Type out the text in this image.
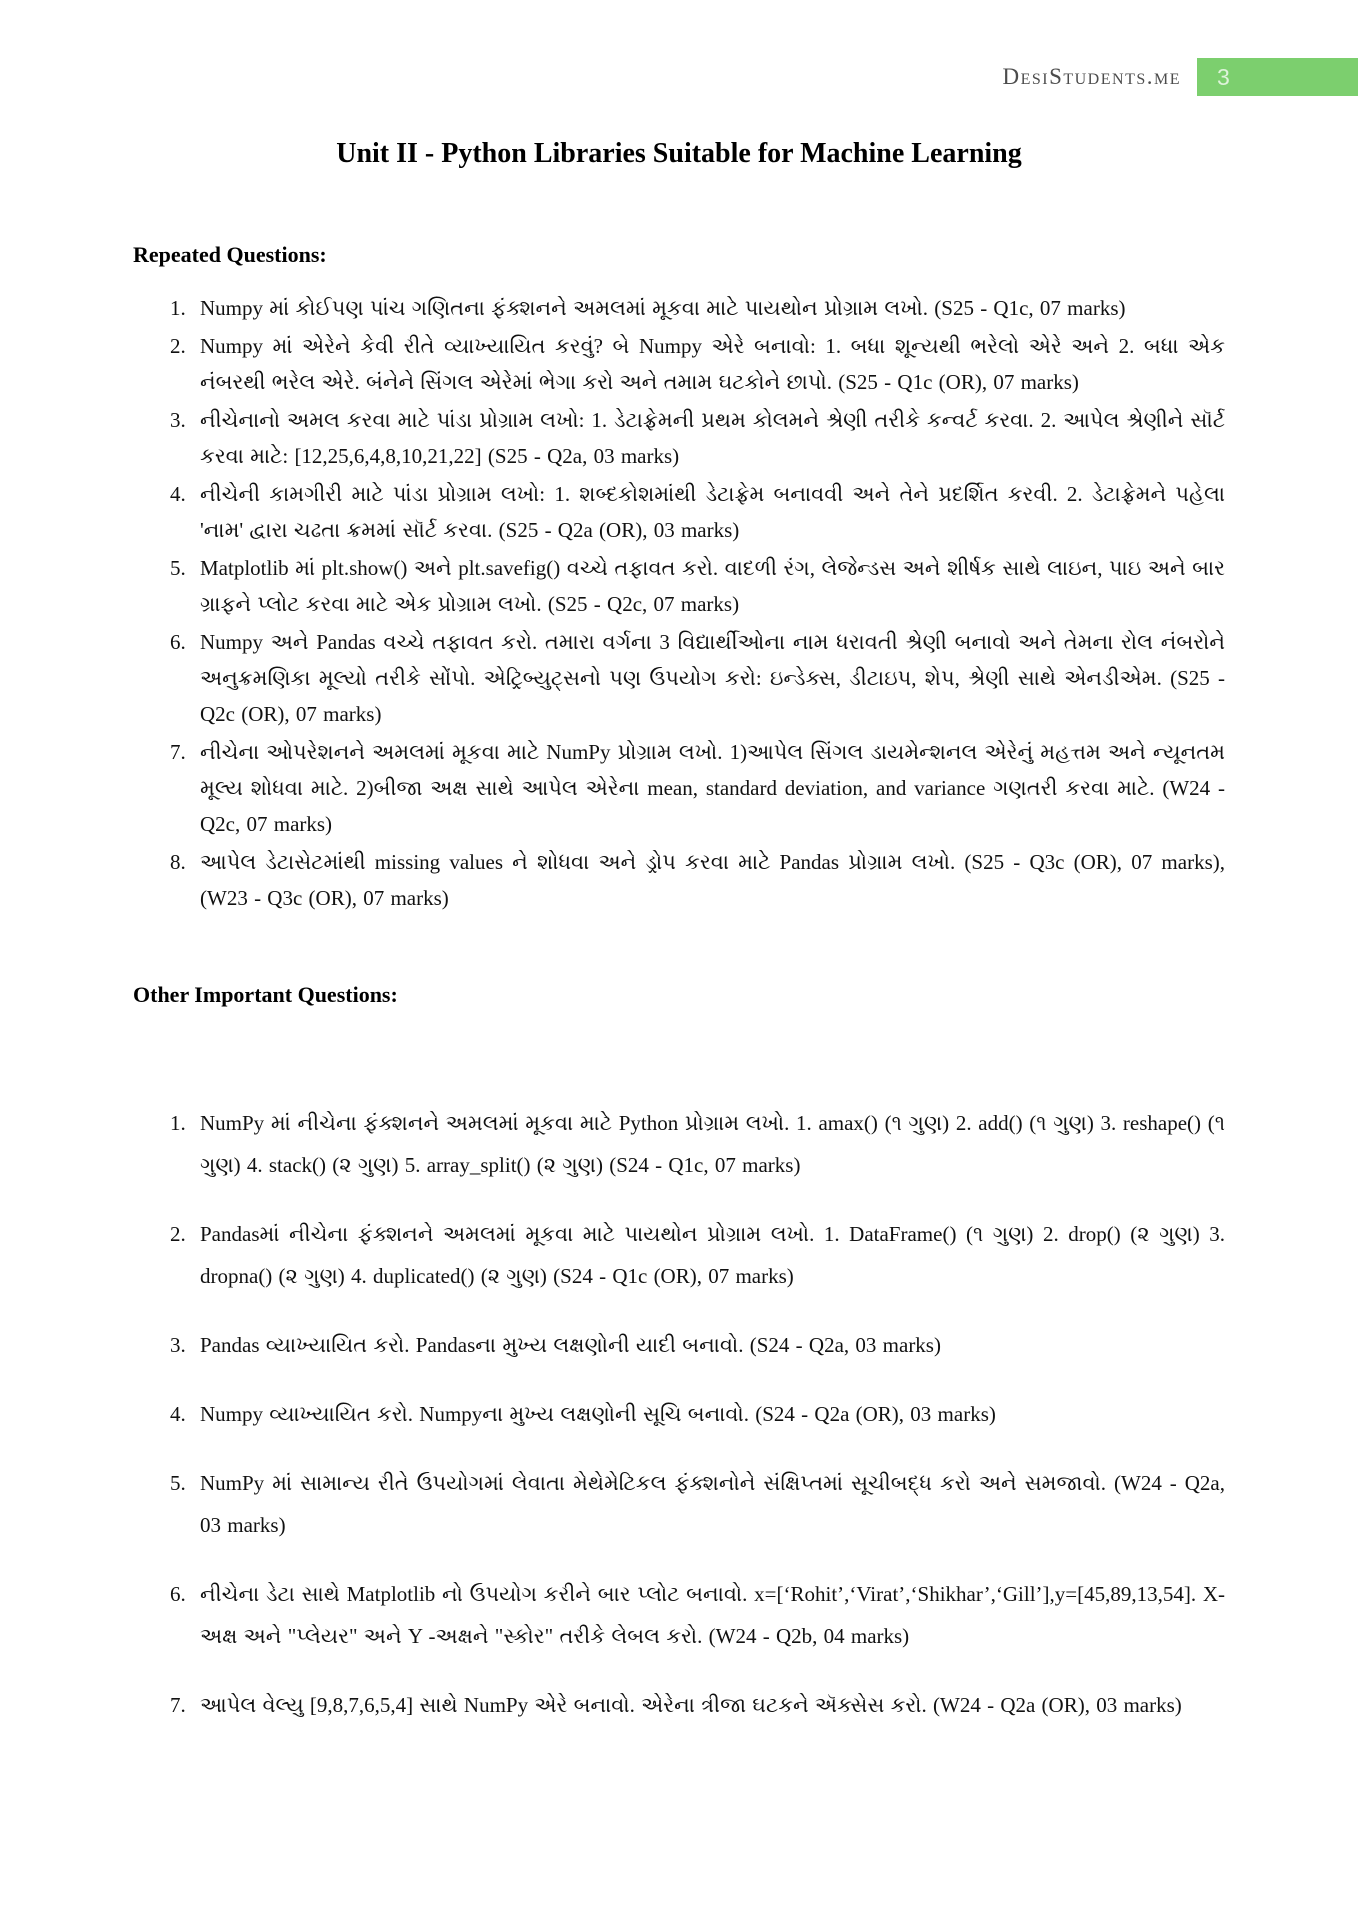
DesiStudents.me	3
Unit II - Python Libraries Suitable for Machine Learning
Repeated Questions:
1. Numpy માં કોઈપણ પાંચ ગણિતના ફંક્શનને અમલમાં મૂકવા માટે પાયથોન પ્રોગ્રામ લખો. (S25 - Q1c, 07 marks)
2. Numpy માં એરેને કેવી રીતે વ્યાખ્યાયિત કરવું? બે Numpy એરે બનાવો: 1. બધા શૂન્યથી ભરેલો એરે અને 2. બધા એક નંબરથી ભરેલ એરે. બંનેને સિંગલ એરેમાં ભેગા કરો અને તમામ ઘટકોને છાપો. (S25 - Q1c (OR), 07 marks)
3. નીચેનાનો અમલ કરવા માટે પાંડા પ્રોગ્રામ લખો: 1. ડેટાફ્રેમની પ્રથમ કોલમને શ્રેણી તરીકે કન્વર્ટ કરવા. 2. આપેલ શ્રેણીને સૉર્ટ કરવા માટે: [12,25,6,4,8,10,21,22] (S25 - Q2a, 03 marks)
4. નીચેની કામગીરી માટે પાંડા પ્રોગ્રામ લખો: 1. શબ્દકોશમાંથી ડેટાફ્રેમ બનાવવી અને તેને પ્રદર્શિત કરવી. 2. ડેટાફ્રેમને પહેલા 'નામ' દ્વારા ચઢતા ક્રમમાં સૉર્ટ કરવા. (S25 - Q2a (OR), 03 marks)
5. Matplotlib માં plt.show() અને plt.savefig() વચ્ચે તફાવત કરો. વાદળી રંગ, લેજેન્ડસ અને શીર્ષક સાથે લાઇન, પાઇ અને બાર ગ્રાફને પ્લોટ કરવા માટે એક પ્રોગ્રામ લખો. (S25 - Q2c, 07 marks)
6. Numpy અને Pandas વચ્ચે તફાવત કરો. તમારા વર્ગના 3 વિદ્યાર્થીઓના નામ ધરાવતી શ્રેણી બનાવો અને તેમના રોલ નંબરોને અનુક્રમણિકા મૂલ્યો તરીકે સોંપો. એટ્રિબ્યુટ્સનો પણ ઉપયોગ કરો: ઇન્ડેક્સ, ડીટાઇપ, શેપ, શ્રેણી સાથે એનડીએમ. (S25 - Q2c (OR), 07 marks)
7. નીચેના ઓપરેશનને અમલમાં મૂકવા માટે NumPy પ્રોગ્રામ લખો. 1)આપેલ સિંગલ ડાયમેન્શનલ એરેનું મહત્તમ અને ન્યૂનતમ મૂલ્ય શોધવા માટે. 2)બીજા અક્ષ સાથે આપેલ એરેના mean, standard deviation, and variance ગણતરી કરવા માટે. (W24 - Q2c, 07 marks)
8. આપેલ ડેટાસેટમાંથી missing values ને શોધવા અને ડ્રોપ કરવા માટે Pandas પ્રોગ્રામ લખો. (S25 - Q3c (OR), 07 marks), (W23 - Q3c (OR), 07 marks)
Other Important Questions:
1. NumPy માં નીચેના ફંક્શનને અમલમાં મૂકવા માટે Python પ્રોગ્રામ લખો. 1. amax() (૧ ગુણ) 2. add() (૧ ગુણ) 3. reshape() (૧ ગુણ) 4. stack() (૨ ગુણ) 5. array_split() (૨ ગુણ) (S24 - Q1c, 07 marks)
2. Pandasમાં નીચેના ફંક્શનને અમલમાં મૂકવા માટે પાયથોન પ્રોગ્રામ લખો. 1. DataFrame() (૧ ગુણ) 2. drop() (૨ ગુણ) 3. dropna() (૨ ગુણ) 4. duplicated() (૨ ગુણ) (S24 - Q1c (OR), 07 marks)
3. Pandas વ્યાખ્યાયિત કરો. Pandasના મુખ્ય લક્ષણોની યાદી બનાવો. (S24 - Q2a, 03 marks)
4. Numpy વ્યાખ્યાયિત કરો. Numpyના મુખ્ય લક્ષણોની સૂચિ બનાવો. (S24 - Q2a (OR), 03 marks)
5. NumPy માં સામાન્ય રીતે ઉપયોગમાં લેવાતા મેથેમેટિકલ ફંક્શનોને સંક્ષિપ્તમાં સૂચીબદ્ધ કરો અને સમજાવો. (W24 - Q2a, 03 marks)
6. નીચેના ડેટા સાથે Matplotlib નો ઉપયોગ કરીને બાર પ્લોટ બનાવો. x=[‘Rohit’,‘Virat’,‘Shikhar’,‘Gill’],y=[45,89,13,54]. X-અક્ષ અને "પ્લેયર" અને Y -અક્ષને "સ્કોર" તરીકે લેબલ કરો. (W24 - Q2b, 04 marks)
7. આપેલ વેલ્યુ [9,8,7,6,5,4] સાથે NumPy એરે બનાવો. એરેના ત્રીજા ઘટકને ઍક્સેસ કરો. (W24 - Q2a (OR), 03 marks)
